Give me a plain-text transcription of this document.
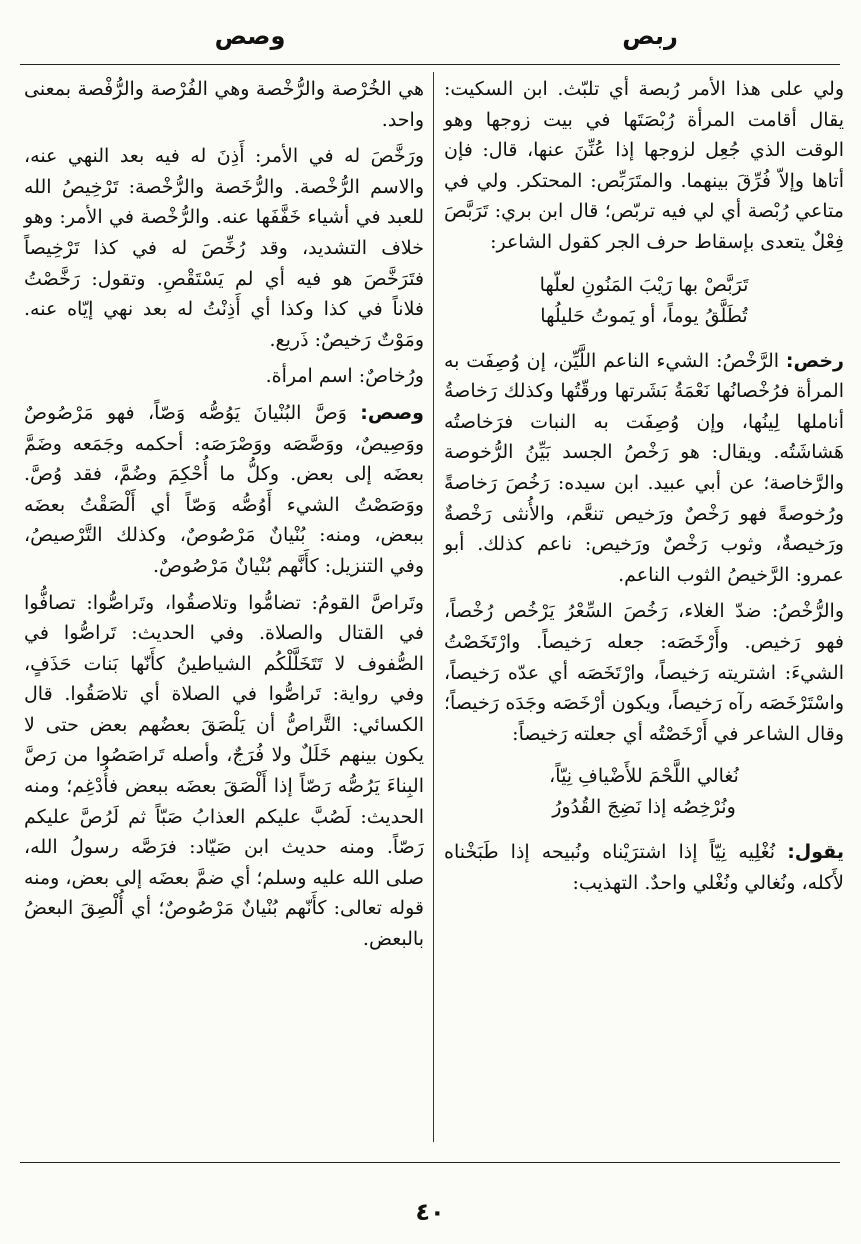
ربص
وصص

ولي على هذا الأمر رُبصة أي تلبّث. ابن السكيت: يقال أقامت المرأة رُبْصَتَها في بيت زوجها وهو الوقت الذي جُعِل لزوجها إذا عُنِّنَ عنها، قال: فإن أتاها وإلاّ فُرِّقَ بينهما. والمتَرَبِّص: المحتكر. ولي في متاعي رُبْصة أي لي فيه تربّص؛ قال ابن بري: تَرَبَّصَ فِعْلٌ يتعدى بإسقاط حرف الجر كقول الشاعر:

تَرَبَّصْ بها رَيْبَ المَنُونِ لعلّها
تُطَلَّقُ يوماً، أو يَموتُ حَليلُها

رخص: الرَّخْصُ: الشيء الناعم اللَّيِّن، إن وُصِفَت به المرأة فرُخْصانُها نَعْمَةُ بَشَرتها ورقّتُها وكذلك رَخاصةُ أناملها لِينُها، وإن وُصِفَت به النبات فرَخاصتُه هَشاشَتُه. ويقال: هو رَخْصُ الجسد بَيِّنُ الرُّخوصة والرَّخاصة؛ عن أبي عبيد. ابن سيده: رَخُصَ رَخاصةً ورُخوصةً فهو رَخْصٌ ورَخيص تنعَّم، والأُنثى رَخْصةٌ ورَخيصةٌ، وثوب رَخْصٌ ورَخيص: ناعم كذلك. أبو عمرو: الرَّخيصُ الثوب الناعم.

والرُّخْصُ: ضدّ الغلاء، رَخُصَ السِّعْرُ يَرْخُص رُخْصاً، فهو رَخيص. وأَرْخَصَه: جعله رَخيصاً. وارْتَخَصْتُ الشيءَ: اشتريته رَخيصاً، وارْتَخَصَه أي عدّه رَخيصاً، واسْتَرْخَصَه رآه رَخيصاً، ويكون أرْخَصَه وجَدَه رَخيصاً؛ وقال الشاعر في أَرْخَصْتُه أي جعلته رَخيصاً:

نُغالي اللَّحْمَ للأَضْيافِ نِيّاً،
ونُرْخِصُه إذا نَضِجَ القُدُورُ

يقول: نُغْلِيه نِيّاً إذا اشترَيْناه ونُبيحه إذا طَبَخْناه لأَكله، ونُغالي ونُغْلي واحدٌ. التهذيب:

هي الخُرْصة والرُّخْصة وهي الفُرْصة والرُّفْصة بمعنى واحد.

ورَخَّصَ له في الأمر: أَذِنَ له فيه بعد النهي عنه، والاسم الرُّخْصة. والرُّخَصة والرُّخْصة: تَرْخِيصُ الله للعبد في أشياء خَفَّفَها عنه. والرُّخْصة في الأمر: وهو خلاف التشديد، وقد رُخِّصَ له في كذا تَرْخِيصاً فتَرَخَّصَ هو فيه أي لم يَسْتَقْصِ. وتقول: رَخَّصْتُ فلاناً في كذا وكذا أي أَذِنْتُ له بعد نهي إيّاه عنه. ومَوْتٌ رَخيصٌ: ذَريع.

ورُخاصٌ: اسم امرأة.

وصص: وَصَّ البُنْيانَ يَوُصُّه وَصّاً، فهو مَرْصُوصٌ ووَصِيصٌ، ووَصَّصَه ووَصْرَصَه: أحكمه وجَمَعه وضَمَّ بعضَه إلى بعض. وكلُّ ما أُحْكِمَ وضُمَّ، فقد وُصَّ. ووَصَصْتُ الشيء أَوُصُّه وَصّاً أي أَلْصَقْتُ بعضَه ببعض، ومنه: بُنْيانٌ مَرْصُوصٌ، وكذلك التَّرْصيصُ، وفي التنزيل: كأَنَّهم بُنْيانٌ مَرْصُوصٌ.

وتَراصَّ القومُ: تضامُّوا وتلاصقُوا، وتَراصُّوا: تصافُّوا في القتال والصلاة. وفي الحديث: تَراصُّوا في الصُّفوف لا تَتَخَلَّلْكُم الشياطينُ كأَنّها بَنات حَذَفٍ، وفي رواية: تَراصُّوا في الصلاة أي تلاصَقُوا. قال الكسائي: التَّراصُّ أن يَلْصَقَ بعضُهم بعض حتى لا يكون بينهم خَلَلٌ ولا فُرَجٌ، وأصله تَراصَصُوا من رَصَّ البِناءَ يَرُصُّه رَصّاً إذا أَلْصَقَ بعضَه ببعض فأُدْغِم؛ ومنه الحديث: لَصُبَّ عليكم العذابُ صَبّاً ثم لَرُصَّ عليكم رَصّاً. ومنه حديث ابن صَيّاد: فرَصَّه رسولُ الله، صلى الله عليه وسلم؛ أي ضمَّ بعضَه إلى بعض، ومنه قوله تعالى: كأَنّهم بُنْيانٌ مَرْصُوصٌ؛ أي أُلْصِقَ البعضُ بالبعض.

٤٠
